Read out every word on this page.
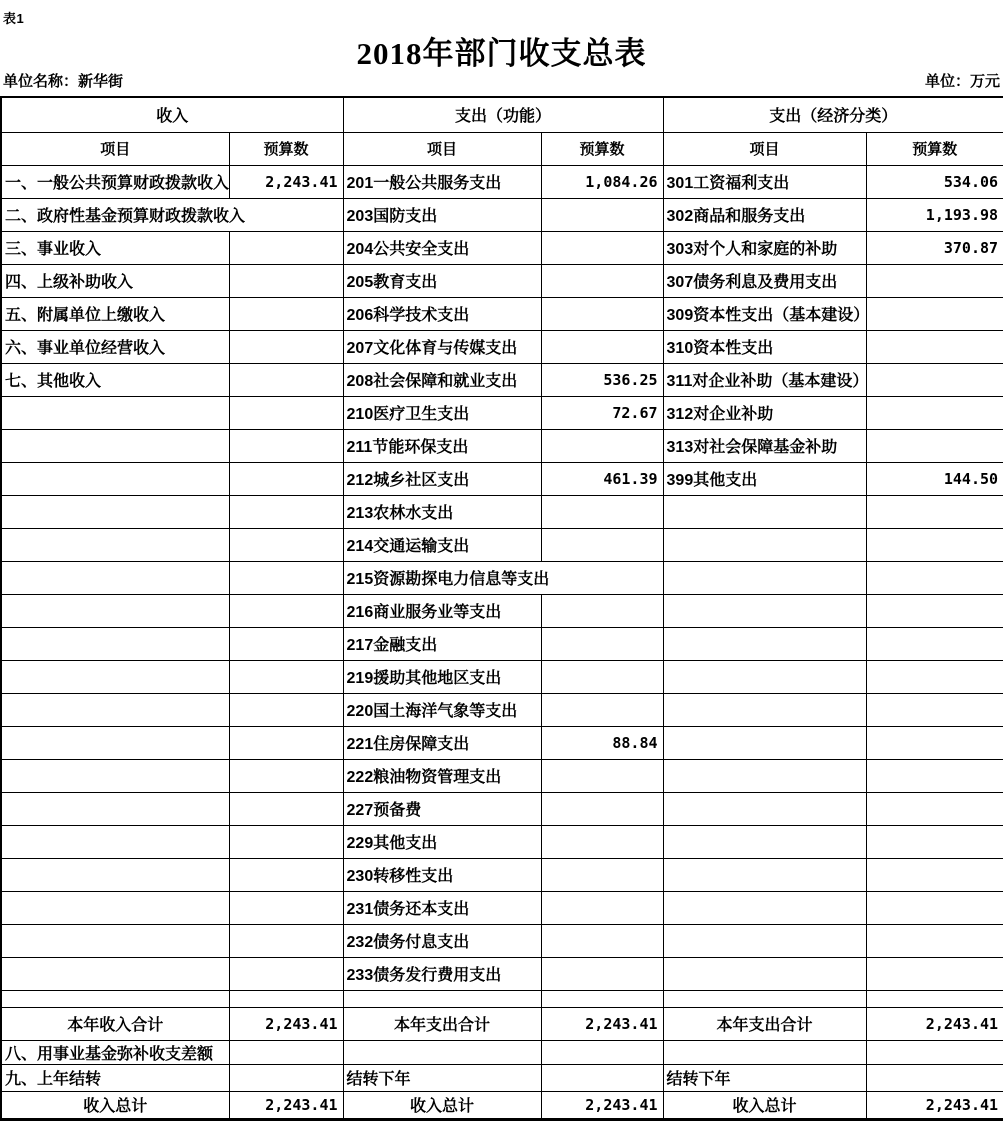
表1
2018年部门收支总表
单位名称：新华街	单位：万元
收入		支出（功能）		支出（经济分类）	
项目	预算数	项目	预算数	项目	预算数
一、一般公共预算财政拨款收入	2,243.41	201一般公共服务支出	1,084.26	301工资福利支出	534.06
二、政府性基金预算财政拨款收入		203国防支出		302商品和服务支出	1,193.98
三、事业收入		204公共安全支出		303对个人和家庭的补助	370.87
四、上级补助收入		205教育支出		307债务利息及费用支出	
五、附属单位上缴收入		206科学技术支出		309资本性支出（基本建设）	
六、事业单位经营收入		207文化体育与传媒支出		310资本性支出	
七、其他收入		208社会保障和就业支出	536.25	311对企业补助（基本建设）	
		210医疗卫生支出	72.67	312对企业补助	
		211节能环保支出		313对社会保障基金补助	
		212城乡社区支出	461.39	399其他支出	144.50
		213农林水支出			
		214交通运输支出			
		215资源勘探电力信息等支出			
		216商业服务业等支出			
		217金融支出			
		219援助其他地区支出			
		220国土海洋气象等支出			
		221住房保障支出	88.84		
		222粮油物资管理支出			
		227预备费			
		229其他支出			
		230转移性支出			
		231债务还本支出			
		232债务付息支出			
		233债务发行费用支出			

本年收入合计	2,243.41	本年支出合计	2,243.41	本年支出合计	2,243.41
八、用事业基金弥补收支差额					
九、上年结转		结转下年		结转下年	
收入总计	2,243.41	收入总计	2,243.41	收入总计	2,243.41
